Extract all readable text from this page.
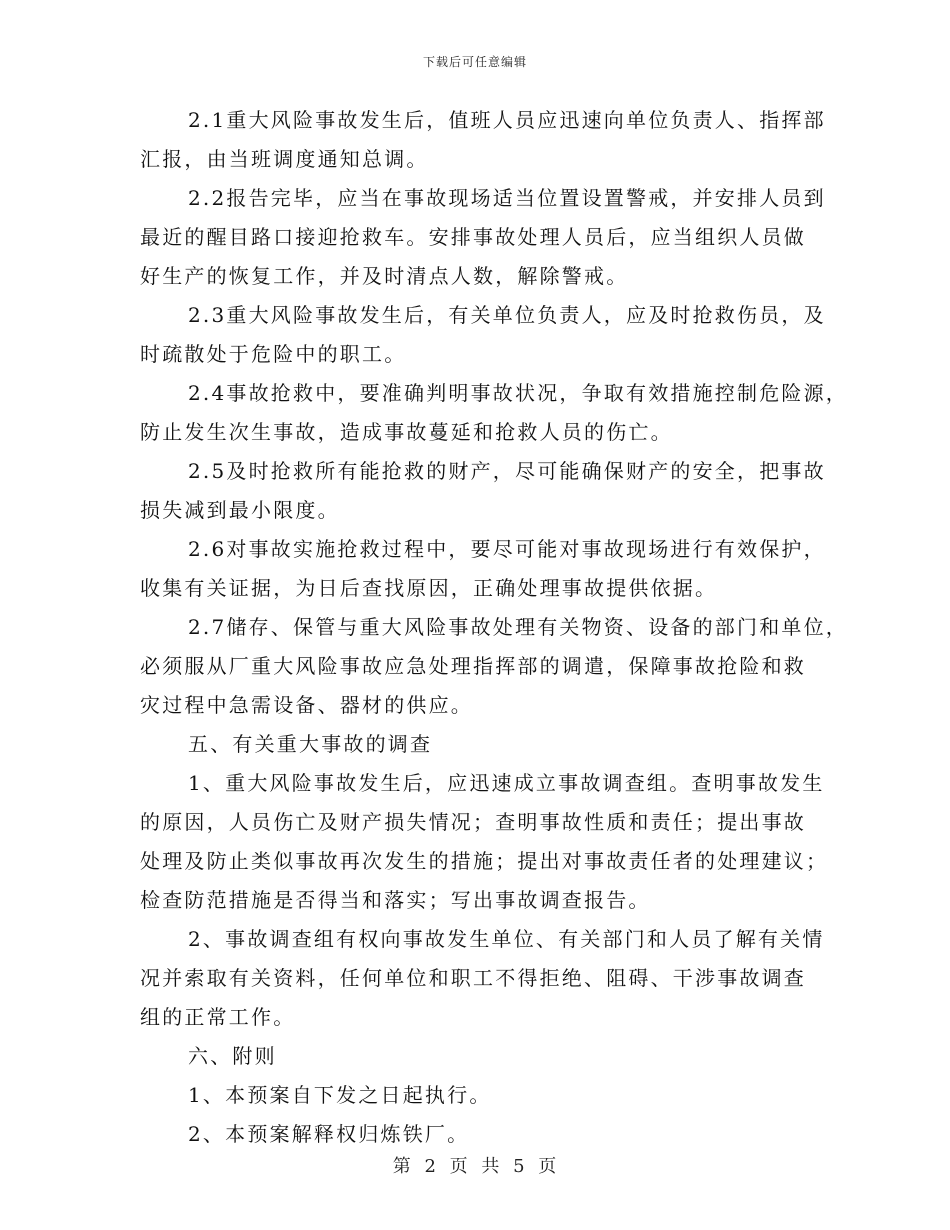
下载后可任意编辑
2.1重大风险事故发生后，值班人员应迅速向单位负责人、指挥部
汇报，由当班调度通知总调。
2.2报告完毕，应当在事故现场适当位置设置警戒，并安排人员到
最近的醒目路口接迎抢救车。安排事故处理人员后，应当组织人员做
好生产的恢复工作，并及时清点人数，解除警戒。
2.3重大风险事故发生后，有关单位负责人，应及时抢救伤员，及
时疏散处于危险中的职工。
2.4事故抢救中，要准确判明事故状况，争取有效措施控制危险源，
防止发生次生事故，造成事故蔓延和抢救人员的伤亡。
2.5及时抢救所有能抢救的财产，尽可能确保财产的安全，把事故
损失减到最小限度。
2.6对事故实施抢救过程中，要尽可能对事故现场进行有效保护，
收集有关证据，为日后查找原因，正确处理事故提供依据。
2.7储存、保管与重大风险事故处理有关物资、设备的部门和单位，
必须服从厂重大风险事故应急处理指挥部的调遣，保障事故抢险和救
灾过程中急需设备、器材的供应。
五、有关重大事故的调查
1、重大风险事故发生后，应迅速成立事故调查组。查明事故发生
的原因，人员伤亡及财产损失情况；查明事故性质和责任；提出事故
处理及防止类似事故再次发生的措施；提出对事故责任者的处理建议；
检查防范措施是否得当和落实；写出事故调查报告。
2、事故调查组有权向事故发生单位、有关部门和人员了解有关情
况并索取有关资料，任何单位和职工不得拒绝、阻碍、干涉事故调查
组的正常工作。
六、附则
1、本预案自下发之日起执行。
2、本预案解释权归炼铁厂。
第 2 页 共 5 页
